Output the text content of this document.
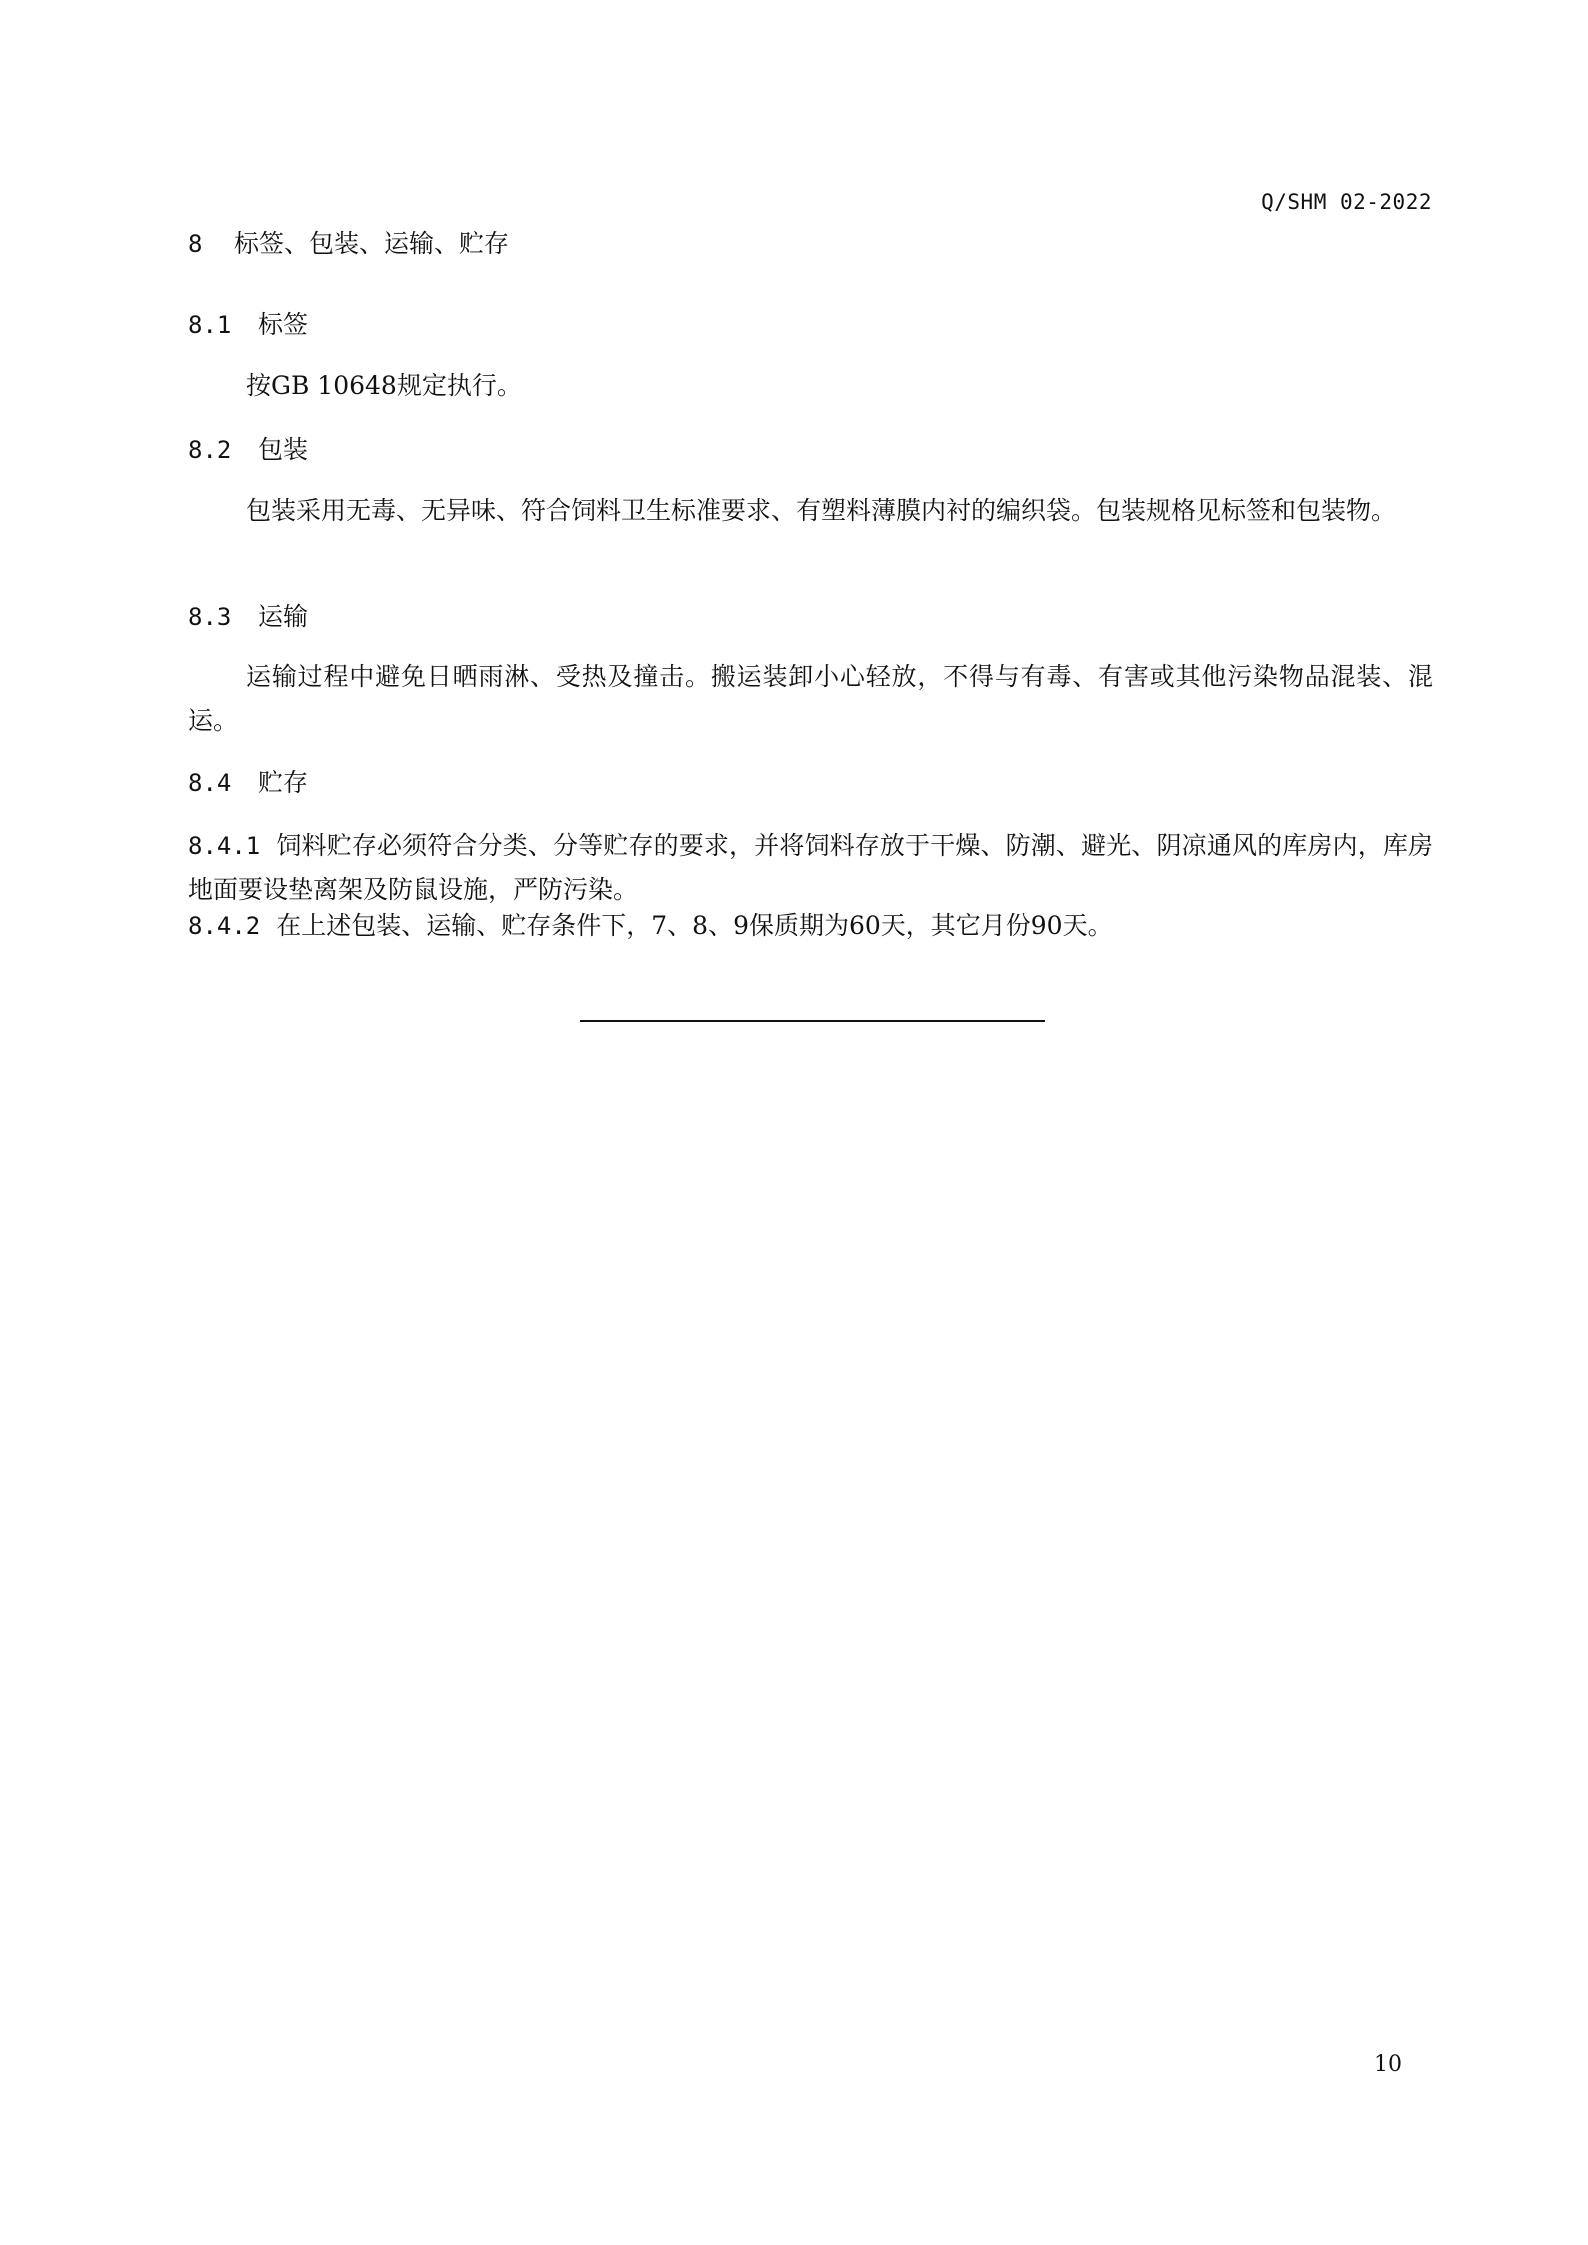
Q/SHM 02-2022
8 标签、包装、运输、贮存
8.1 标签
按GB 10648规定执行。
8.2 包装
包装采用无毒、无异味、符合饲料卫生标准要求、有塑料薄膜内衬的编织袋。包装规格见标签和包装物。
8.3 运输
运输过程中避免日晒雨淋、受热及撞击。搬运装卸小心轻放，不得与有毒、有害或其他污染物品混装、混运。
8.4 贮存
8.4.1 饲料贮存必须符合分类、分等贮存的要求，并将饲料存放于干燥、防潮、避光、阴凉通风的库房内，库房地面要设垫离架及防鼠设施，严防污染。
8.4.2 在上述包装、运输、贮存条件下，7、8、9保质期为60天，其它月份90天。
10
